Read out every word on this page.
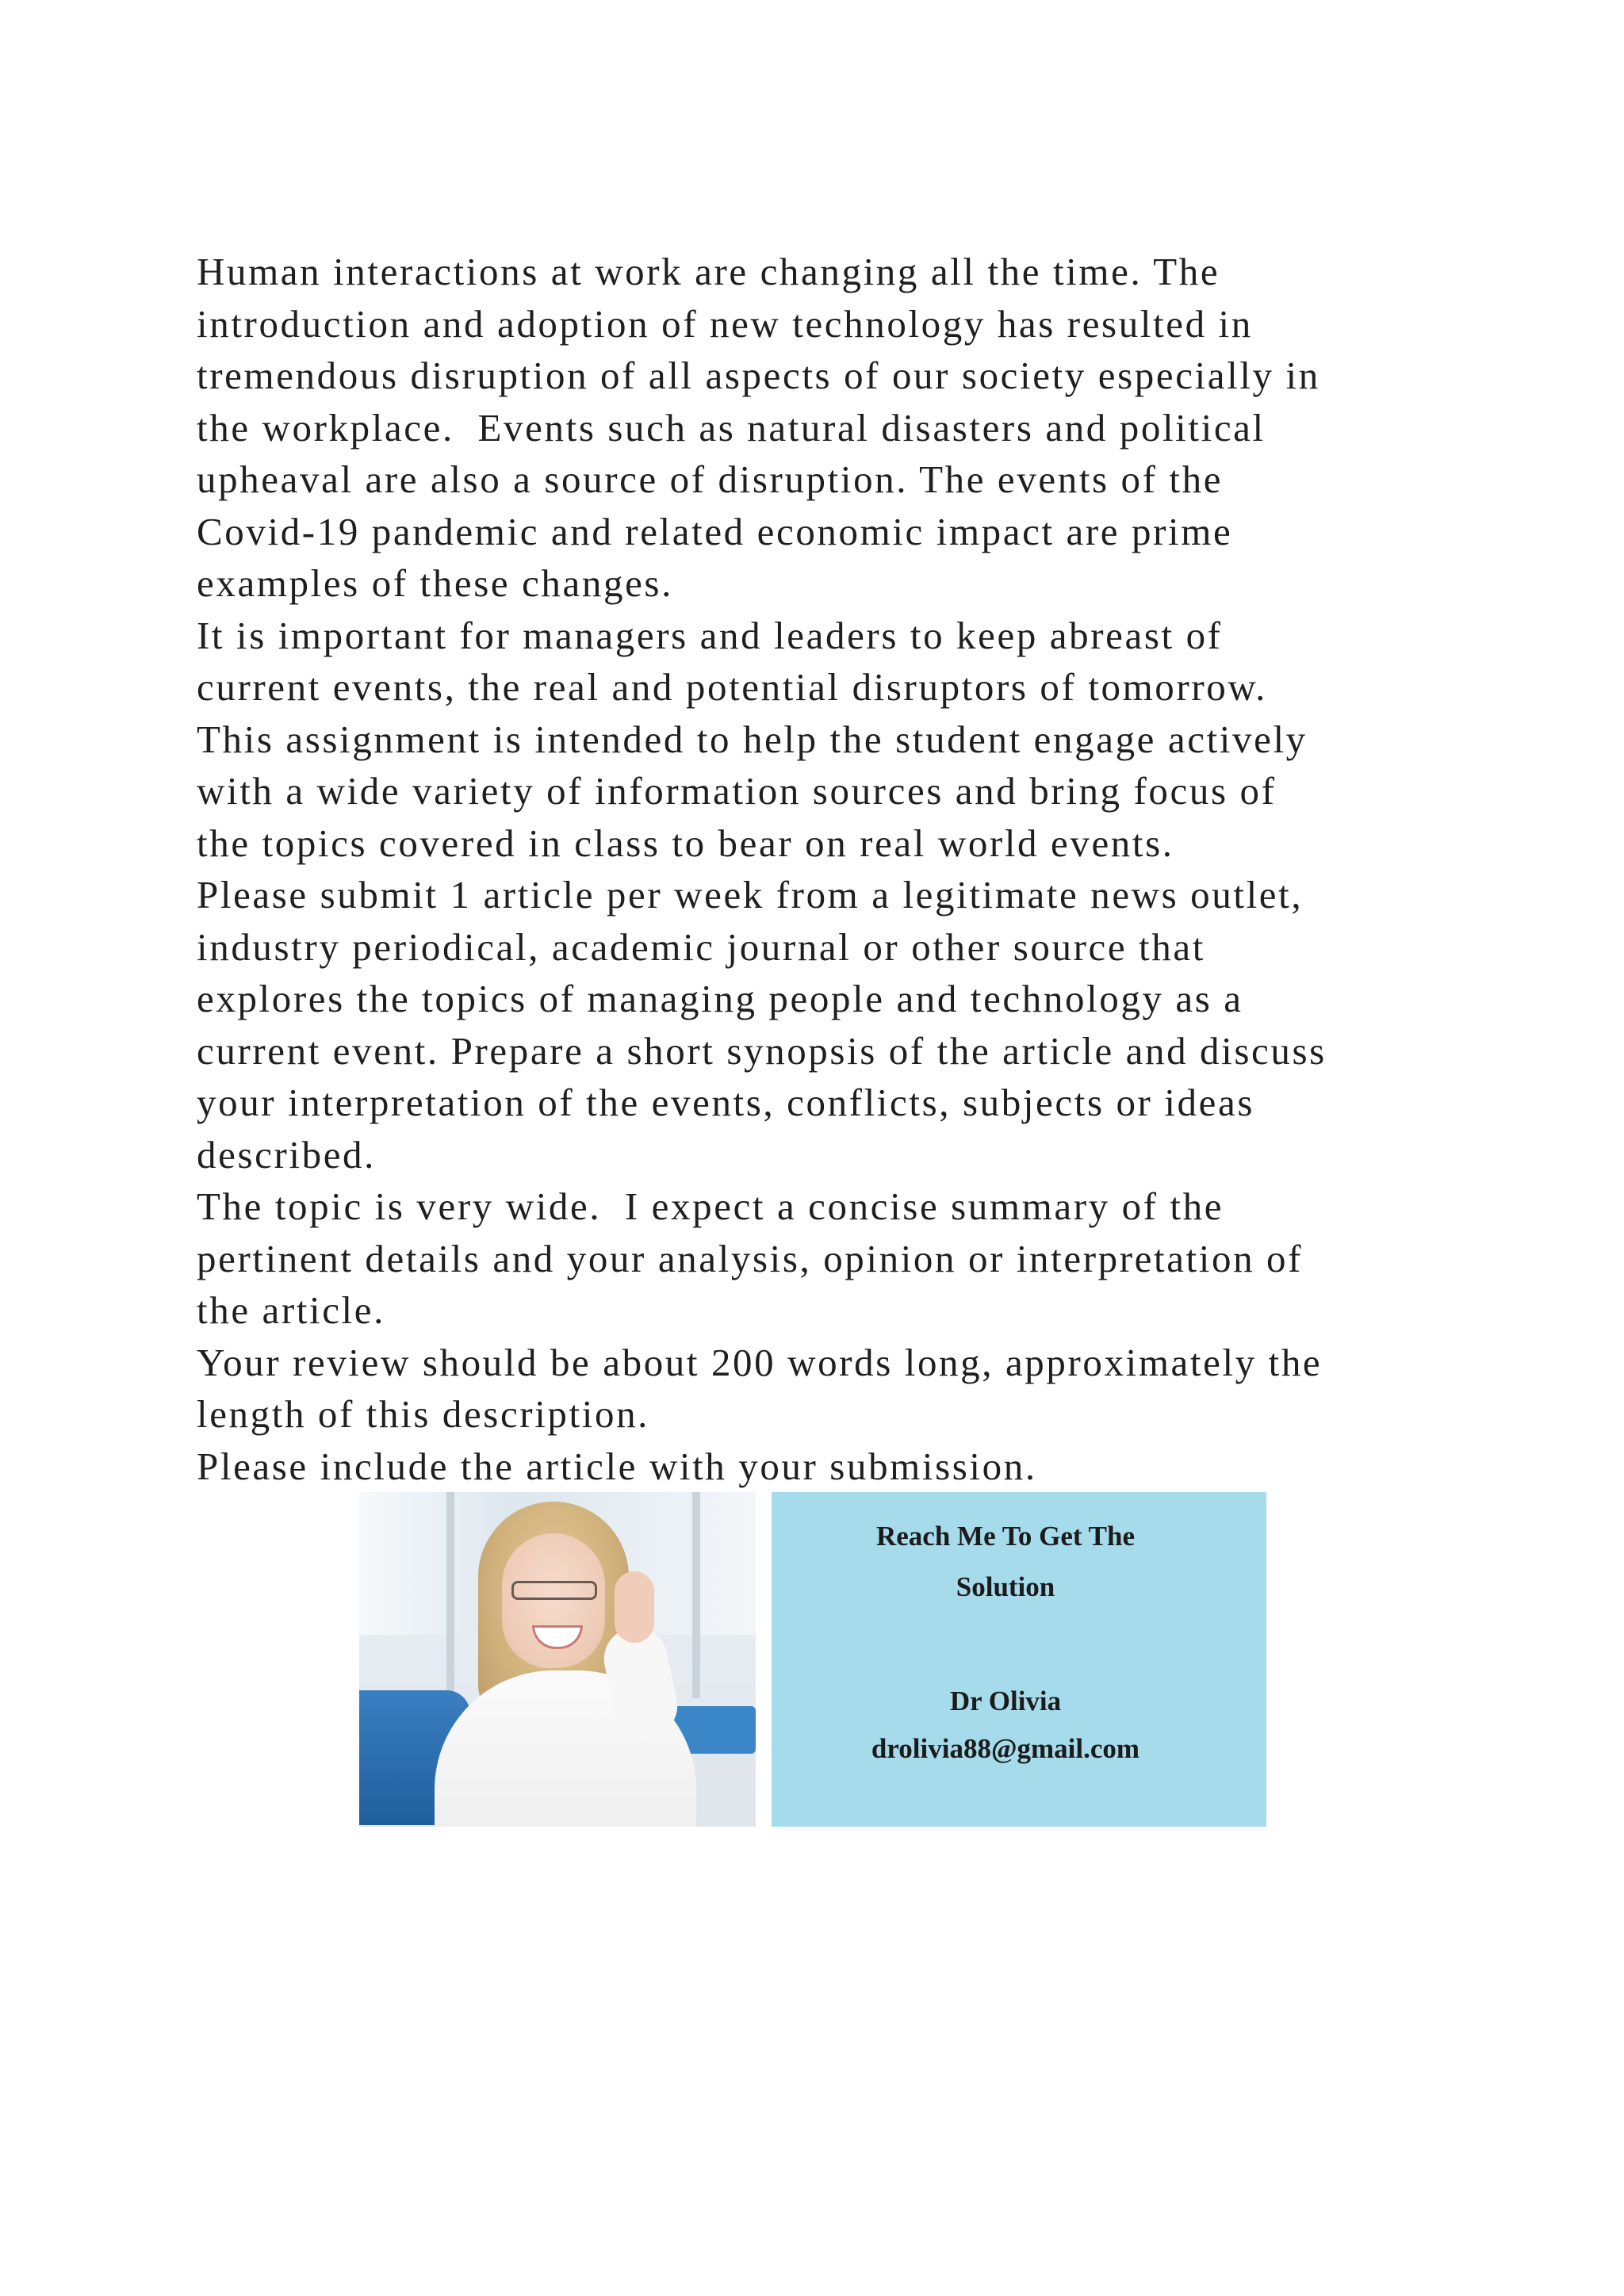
Human interactions at work are changing all the time. The
introduction and adoption of new technology has resulted in
tremendous disruption of all aspects of our society especially in
the workplace.  Events such as natural disasters and political
upheaval are also a source of disruption. The events of the
Covid-19 pandemic and related economic impact are prime
examples of these changes.
It is important for managers and leaders to keep abreast of
current events, the real and potential disruptors of tomorrow.
This assignment is intended to help the student engage actively
with a wide variety of information sources and bring focus of
the topics covered in class to bear on real world events.
Please submit 1 article per week from a legitimate news outlet,
industry periodical, academic journal or other source that
explores the topics of managing people and technology as a
current event. Prepare a short synopsis of the article and discuss
your interpretation of the events, conflicts, subjects or ideas
described.
The topic is very wide.  I expect a concise summary of the
pertinent details and your analysis, opinion or interpretation of
the article.
Your review should be about 200 words long, approximately the
length of this description.
Please include the article with your submission.
Reach Me To Get The
Solution
Dr Olivia
drolivia88@gmail.com
